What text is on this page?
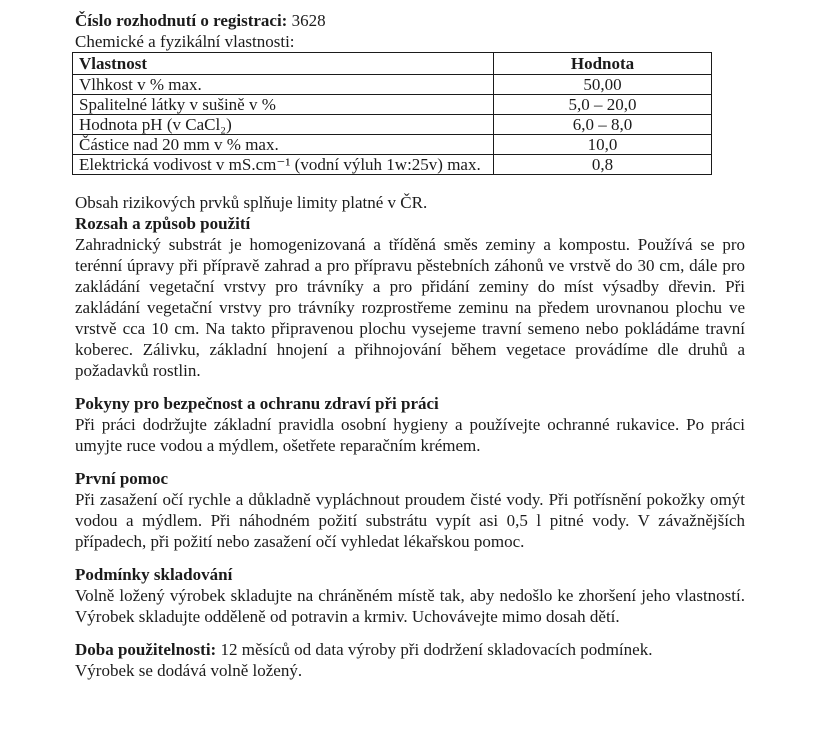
Číslo rozhodnutí o registraci: 3628

Chemické a fyzikální vlastnosti:

Vlastnost	Hodnota
Vlhkost v % max.	50,00
Spalitelné látky v sušině v %	5,0 – 20,0
Hodnota pH (v CaCl₂)	6,0 – 8,0
Částice nad 20 mm v % max.	10,0
Elektrická vodivost v mS.cm⁻¹ (vodní výluh 1w:25v) max.	0,8

Obsah rizikových prvků splňuje limity platné v ČR.

Rozsah a způsob použití

Zahradnický substrát je homogenizovaná a tříděná směs zeminy a kompostu. Používá se pro terénní úpravy při přípravě zahrad a pro přípravu pěstebních záhonů ve vrstvě do 30 cm, dále pro zakládání vegetační vrstvy pro trávníky a pro přidání zeminy do míst výsadby dřevin. Při zakládání vegetační vrstvy pro trávníky rozprostřeme zeminu na předem urovnanou plochu ve vrstvě cca 10 cm. Na takto připravenou plochu vysejeme travní semeno nebo pokládáme travní koberec. Zálivku, základní hnojení a přihnojování během vegetace provádíme dle druhů a požadavků rostlin.

Pokyny pro bezpečnost a ochranu zdraví při práci

Při práci dodržujte základní pravidla osobní hygieny a používejte ochranné rukavice. Po práci umyjte ruce vodou a mýdlem, ošetřete reparačním krémem.

První pomoc

Při zasažení očí rychle a důkladně vypláchnout proudem čisté vody. Při potřísnění pokožky omýt vodou a mýdlem. Při náhodném požití substrátu vypít asi 0,5 l pitné vody. V závažnějších případech, při požití nebo zasažení očí vyhledat lékařskou pomoc.

Podmínky skladování

Volně ložený výrobek skladujte na chráněném místě tak, aby nedošlo ke zhoršení jeho vlastností. Výrobek skladujte odděleně od potravin a krmiv. Uchovávejte mimo dosah dětí.

Doba použitelnosti: 12 měsíců od data výroby při dodržení skladovacích podmínek.

Výrobek se dodává volně ložený.
